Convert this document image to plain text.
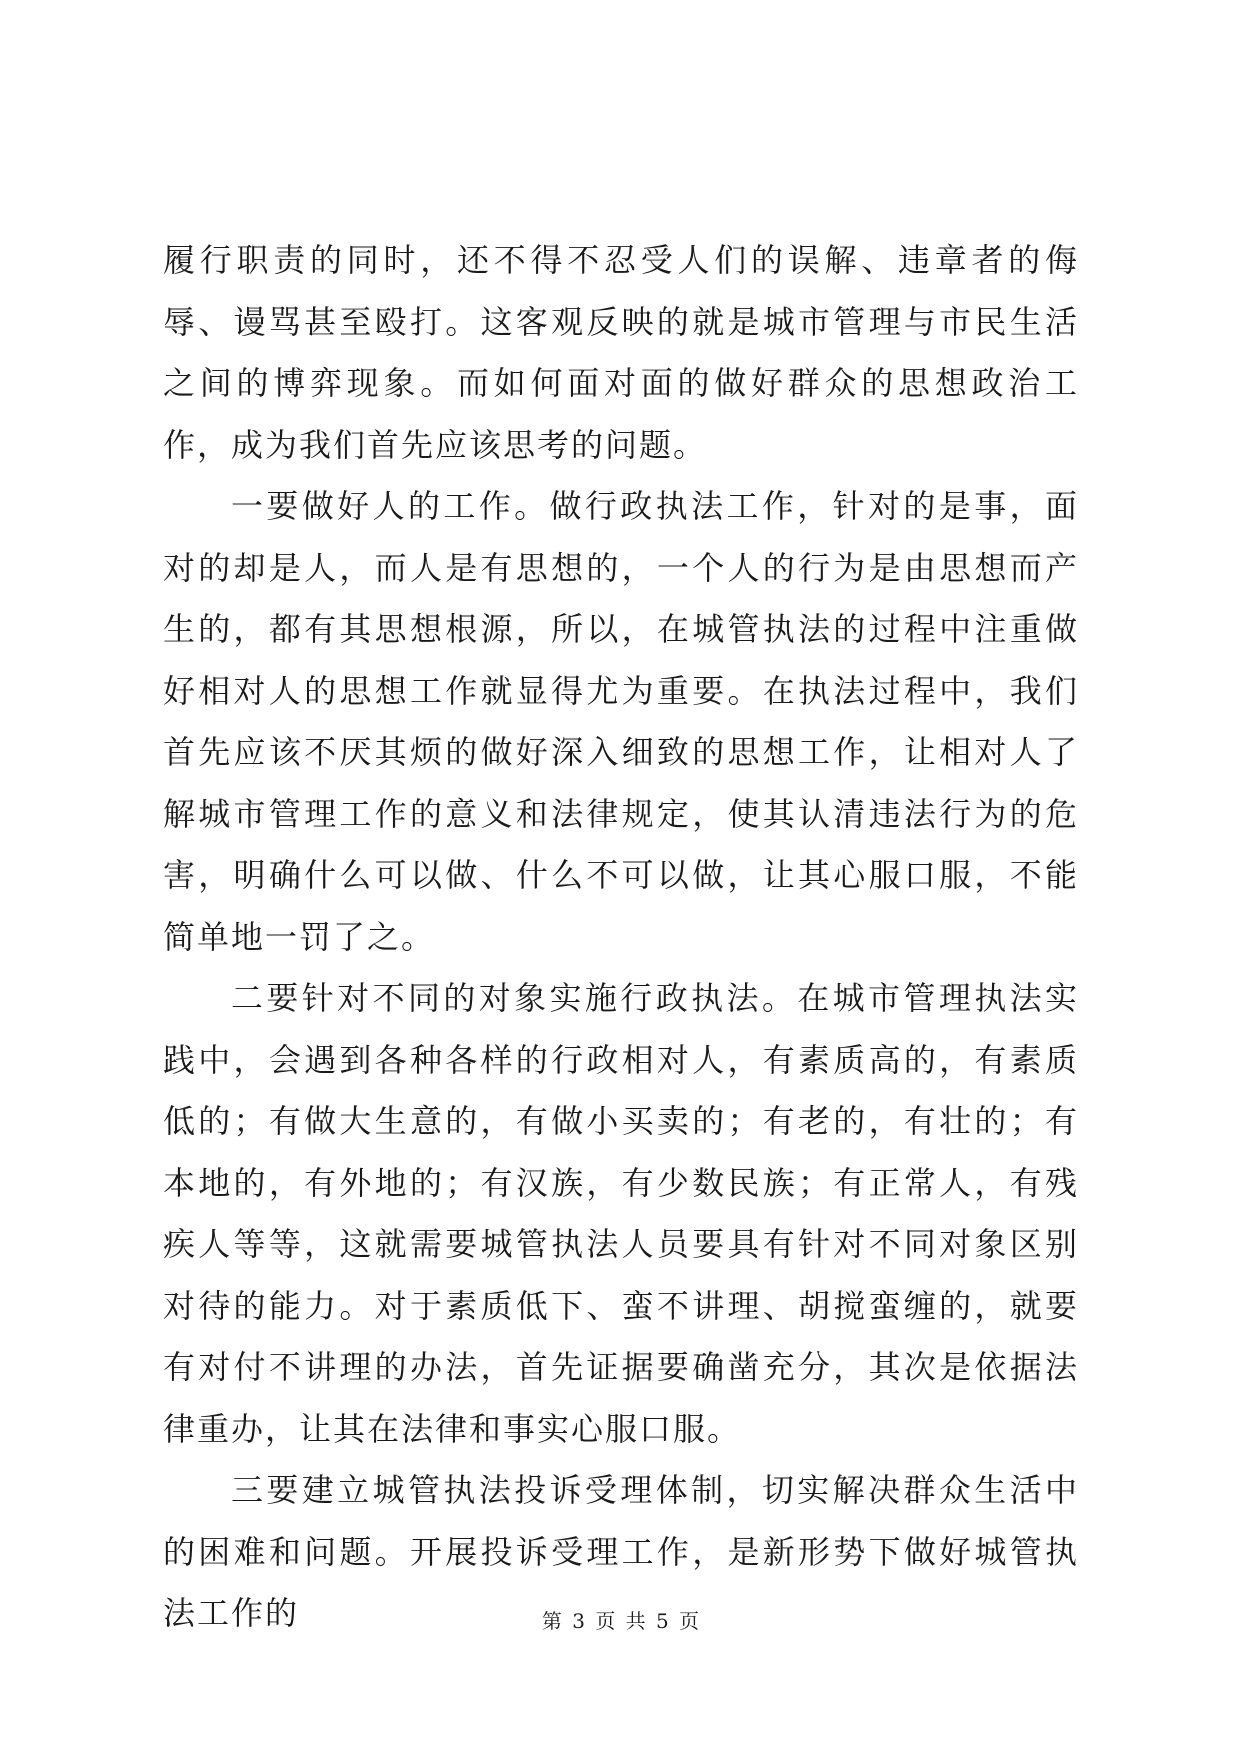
履行职责的同时，还不得不忍受人们的误解、违章者的侮辱、谩骂甚至殴打。这客观反映的就是城市管理与市民生活之间的博弈现象。而如何面对面的做好群众的思想政治工作，成为我们首先应该思考的问题。

一要做好人的工作。做行政执法工作，针对的是事，面对的却是人，而人是有思想的，一个人的行为是由思想而产生的，都有其思想根源，所以，在城管执法的过程中注重做好相对人的思想工作就显得尤为重要。在执法过程中，我们首先应该不厌其烦的做好深入细致的思想工作，让相对人了解城市管理工作的意义和法律规定，使其认清违法行为的危害，明确什么可以做、什么不可以做，让其心服口服，不能简单地一罚了之。

二要针对不同的对象实施行政执法。在城市管理执法实践中，会遇到各种各样的行政相对人，有素质高的，有素质低的；有做大生意的，有做小买卖的；有老的，有壮的；有本地的，有外地的；有汉族，有少数民族；有正常人，有残疾人等等，这就需要城管执法人员要具有针对不同对象区别对待的能力。对于素质低下、蛮不讲理、胡搅蛮缠的，就要有对付不讲理的办法，首先证据要确凿充分，其次是依据法律重办，让其在法律和事实心服口服。

三要建立城管执法投诉受理体制，切实解决群众生活中的困难和问题。开展投诉受理工作，是新形势下做好城管执法工作的	第 3 页 共 5 页
